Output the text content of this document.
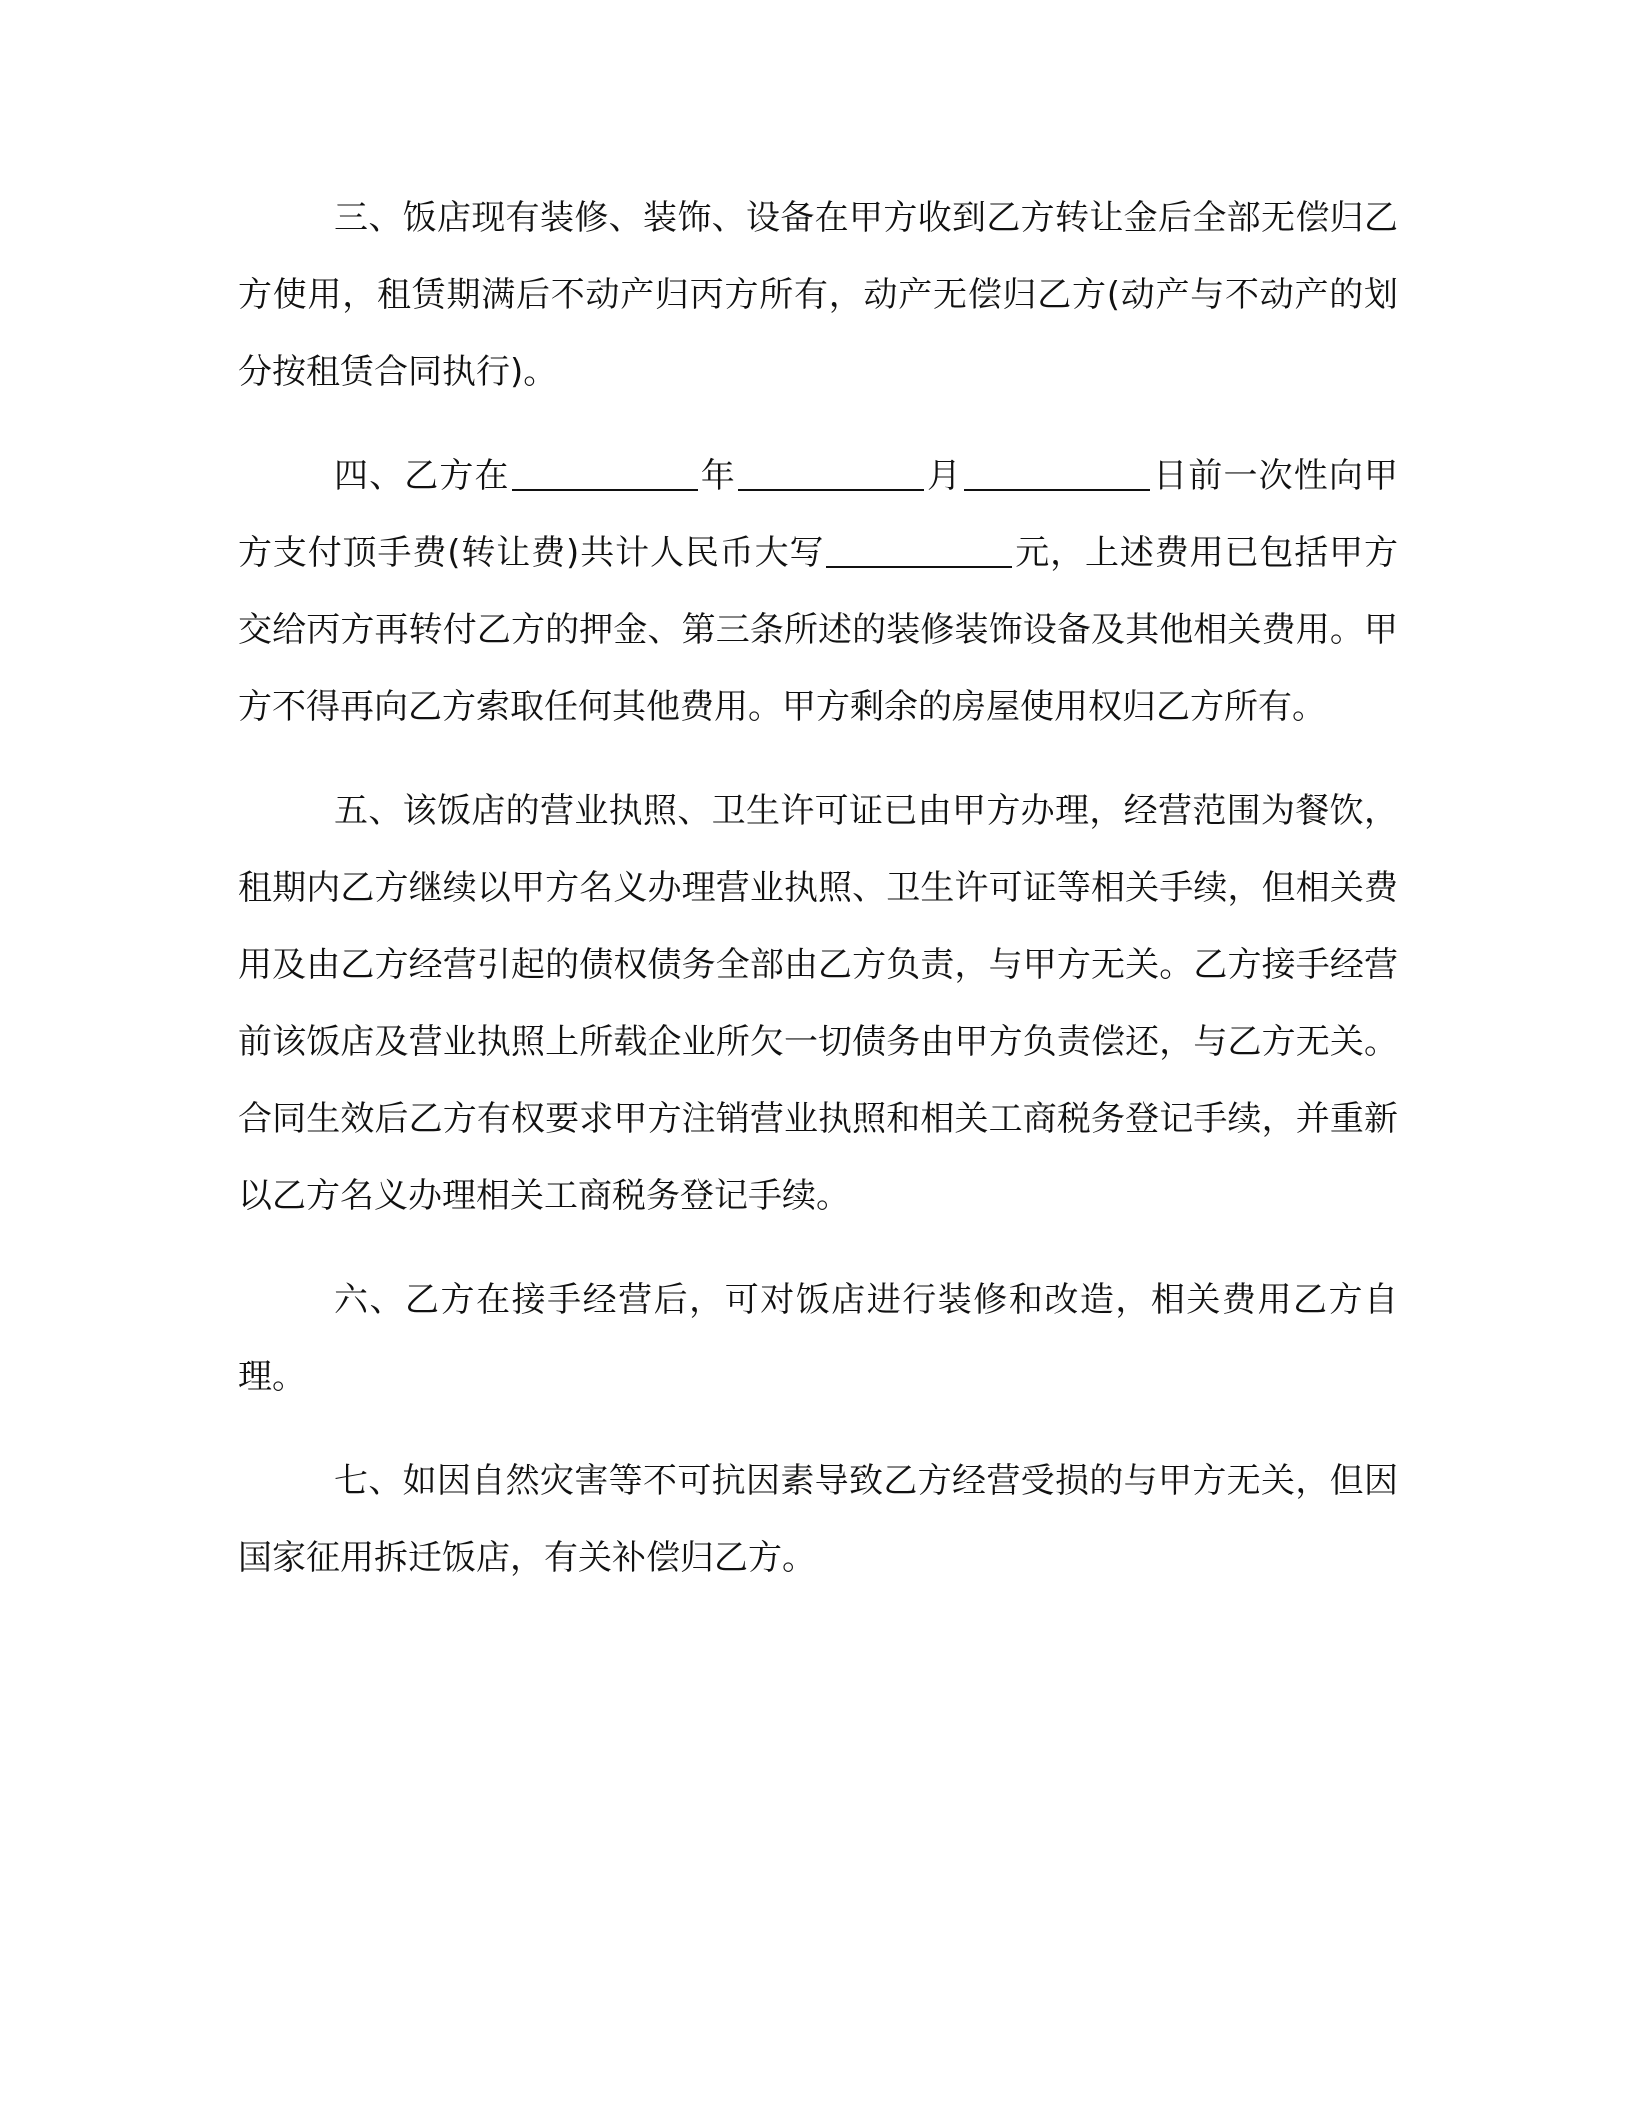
三、饭店现有装修、装饰、设备在甲方收到乙方转让金后全部无偿归乙方使用，租赁期满后不动产归丙方所有，动产无偿归乙方(动产与不动产的划分按租赁合同执行)。

四、乙方在	年	月	日前一次性向甲方支付顶手费(转让费)共计人民币大写	元，上述费用已包括甲方交给丙方再转付乙方的押金、第三条所述的装修装饰设备及其他相关费用。甲方不得再向乙方索取任何其他费用。甲方剩余的房屋使用权归乙方所有。

五、该饭店的营业执照、卫生许可证已由甲方办理，经营范围为餐饮，租期内乙方继续以甲方名义办理营业执照、卫生许可证等相关手续，但相关费用及由乙方经营引起的债权债务全部由乙方负责，与甲方无关。乙方接手经营前该饭店及营业执照上所载企业所欠一切债务由甲方负责偿还，与乙方无关。合同生效后乙方有权要求甲方注销营业执照和相关工商税务登记手续，并重新以乙方名义办理相关工商税务登记手续。

六、乙方在接手经营后，可对饭店进行装修和改造，相关费用乙方自理。

七、如因自然灾害等不可抗因素导致乙方经营受损的与甲方无关，但因国家征用拆迁饭店，有关补偿归乙方。
